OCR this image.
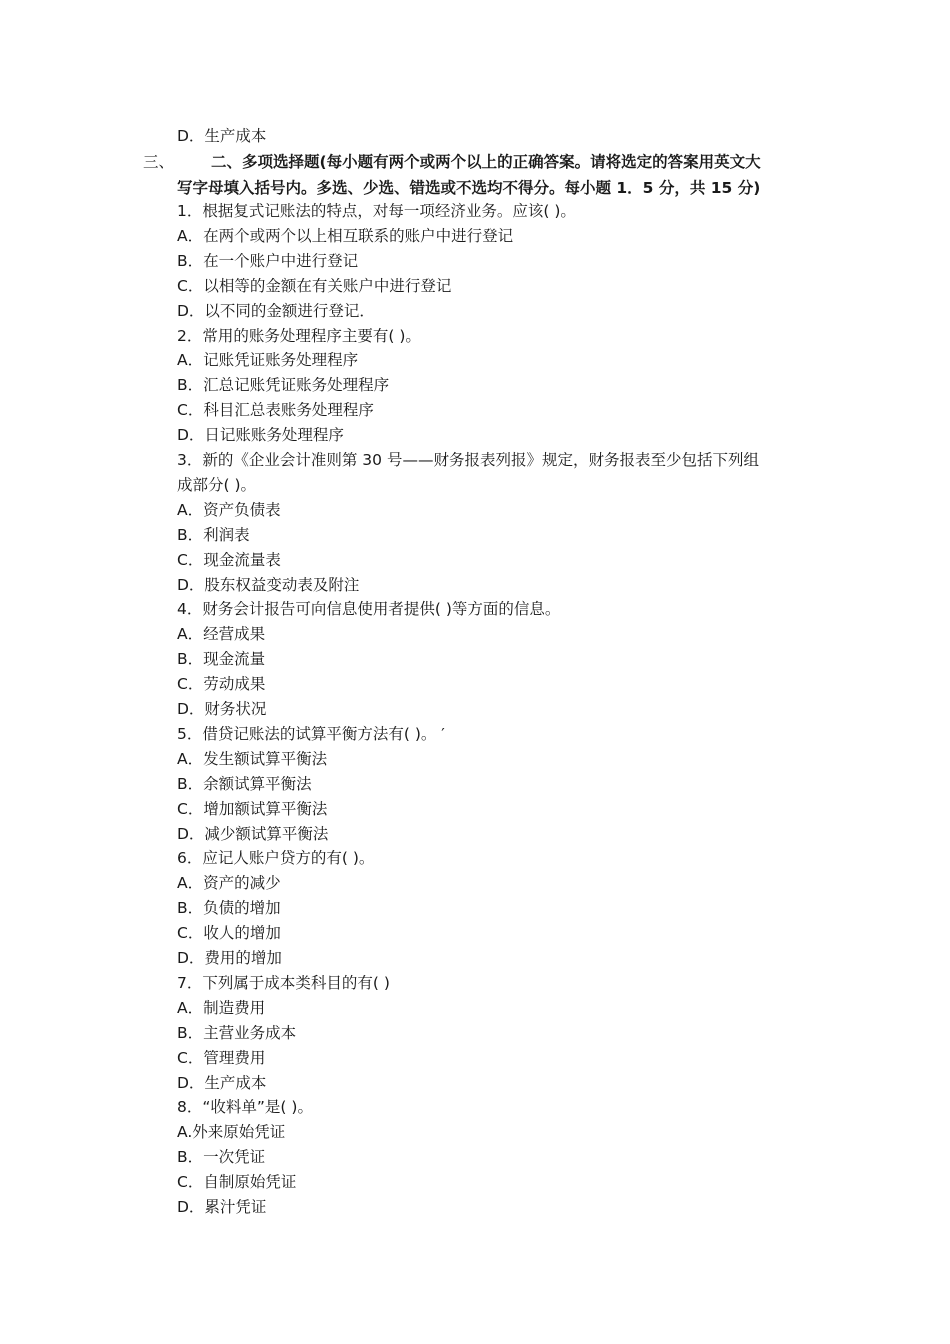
D．生产成本
三、 二、多项选择题(每小题有两个或两个以上的正确答案。请将选定的答案用英文大
写字母填入括号内。多选、少选、错选或不选均不得分。每小题 1．5 分，共 15 分)
1．根据复式记账法的特点，对每一项经济业务。应该( )。
A．在两个或两个以上相互联系的账户中进行登记
B．在一个账户中进行登记
C．以相等的金额在有关账户中进行登记
D．以不同的金额进行登记．
2．常用的账务处理程序主要有( )。
A．记账凭证账务处理程序
B．汇总记账凭证账务处理程序
C．科目汇总表账务处理程序
D．日记账账务处理程序
3．新的《企业会计准则第 30 号——财务报表列报》规定，财务报表至少包括下列组
成部分( )。
A．资产负债表
B．利润表
C．现金流量表
D．股东权益变动表及附注
4．财务会计报告可向信息使用者提供( )等方面的信息。
A．经营成果
B．现金流量
C．劳动成果
D．财务状况
5．借贷记账法的试算平衡方法有( )。 ′
A．发生额试算平衡法
B．余额试算平衡法
C．增加额试算平衡法
D．减少额试算平衡法
6．应记人账户贷方的有( )。
A．资产的减少
B．负债的增加
C．收人的增加
D．费用的增加
7．下列属于成本类科目的有( )
A．制造费用
B．主营业务成本
C．管理费用
D．生产成本
8．“收料单”是( )。
A.外来原始凭证
B．一次凭证
C．自制原始凭证
D．累汁凭证
